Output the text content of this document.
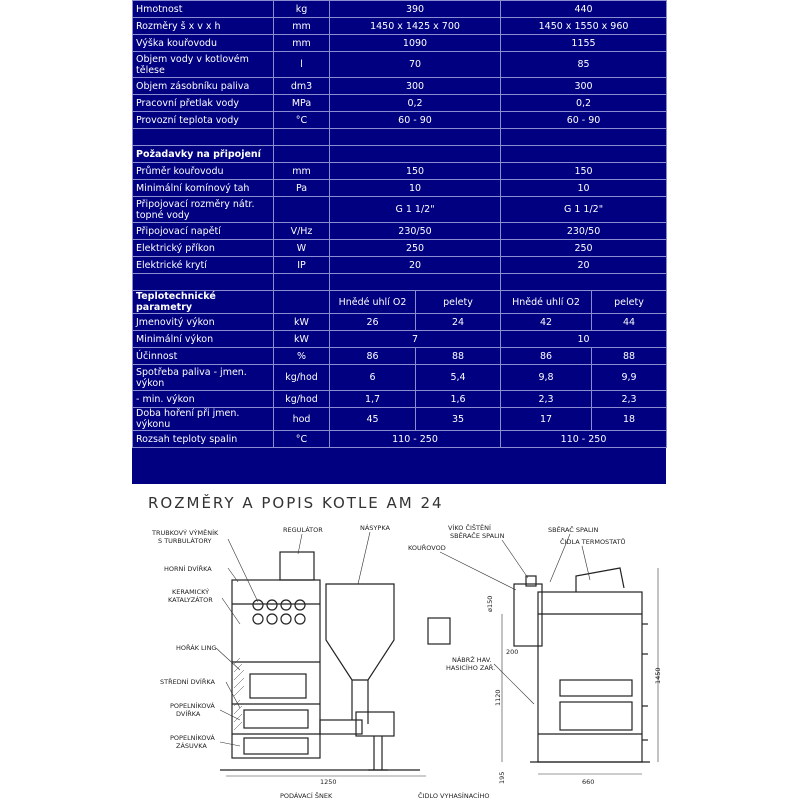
Hmotnost	kg	390		440	
Rozměry š x v x h	mm	1450 x 1425 x 700		1450 x 1550 x 960	
Výška kouřovodu	mm	1090		1155	
Objem vody v kotlovém tělese	l	70		85	
Objem zásobníku paliva	dm3	300		300	
Pracovní přetlak vody	MPa	0,2		0,2	
Provozní teplota vody	°C	60 - 90		60 - 90	

Požadavky na připojení					
Průměr kouřovodu	mm	150		150	
Minimální komínový tah	Pa	10		10	
Připojovací rozměry nátr. topné vody		G 1 1/2"		G 1 1/2"	
Připojovací napětí	V/Hz	230/50		230/50	
Elektrický příkon	W	250		250	
Elektrické krytí	IP	20		20	

Teplotechnické parametry		Hnědé uhlí O2	pelety	Hnědé uhlí O2	pelety
Jmenovitý výkon	kW	26	24	42	44
Minimální výkon	kW	7		10	
Účinnost	%	86	88	86	88
Spotřeba paliva - jmen. výkon	kg/hod	6	5,4	9,8	9,9
- min. výkon	kg/hod	1,7	1,6	2,3	2,3
Doba hoření při jmen. výkonu	hod	45	35	17	18
Rozsah teploty spalin	°C	110 - 250		110 - 250	
ROZMĚRY A POPIS KOTLE AM 24
TRUBKOVÝ VÝMĚNÍK
S TURBULÁTORY
REGULÁTOR	NÁSYPKA
HORNÍ DVÍŘKA
KERAMICKÝ
KATALYZÁTOR
HOŘÁK LING
STŘEDNÍ DVÍŘKA
POPELNÍKOVÁ
DVÍŘKA
POPELNÍKOVÁ
ZÁSUVKA
PODÁVACÍ ŠNEK
1250
VÍKO ČIŠTĚNÍ
SBĚRAČE SPALIN
SBĚRAČ SPALIN
ČIDLA TERMOSTATŮ
KOUŘOVOD
NÁBRŽ HAV.
HASICÍHO ZAŘ.
ČIDLO VYHASÍNACÍHO
1450
1120
200
ø150
195	660
